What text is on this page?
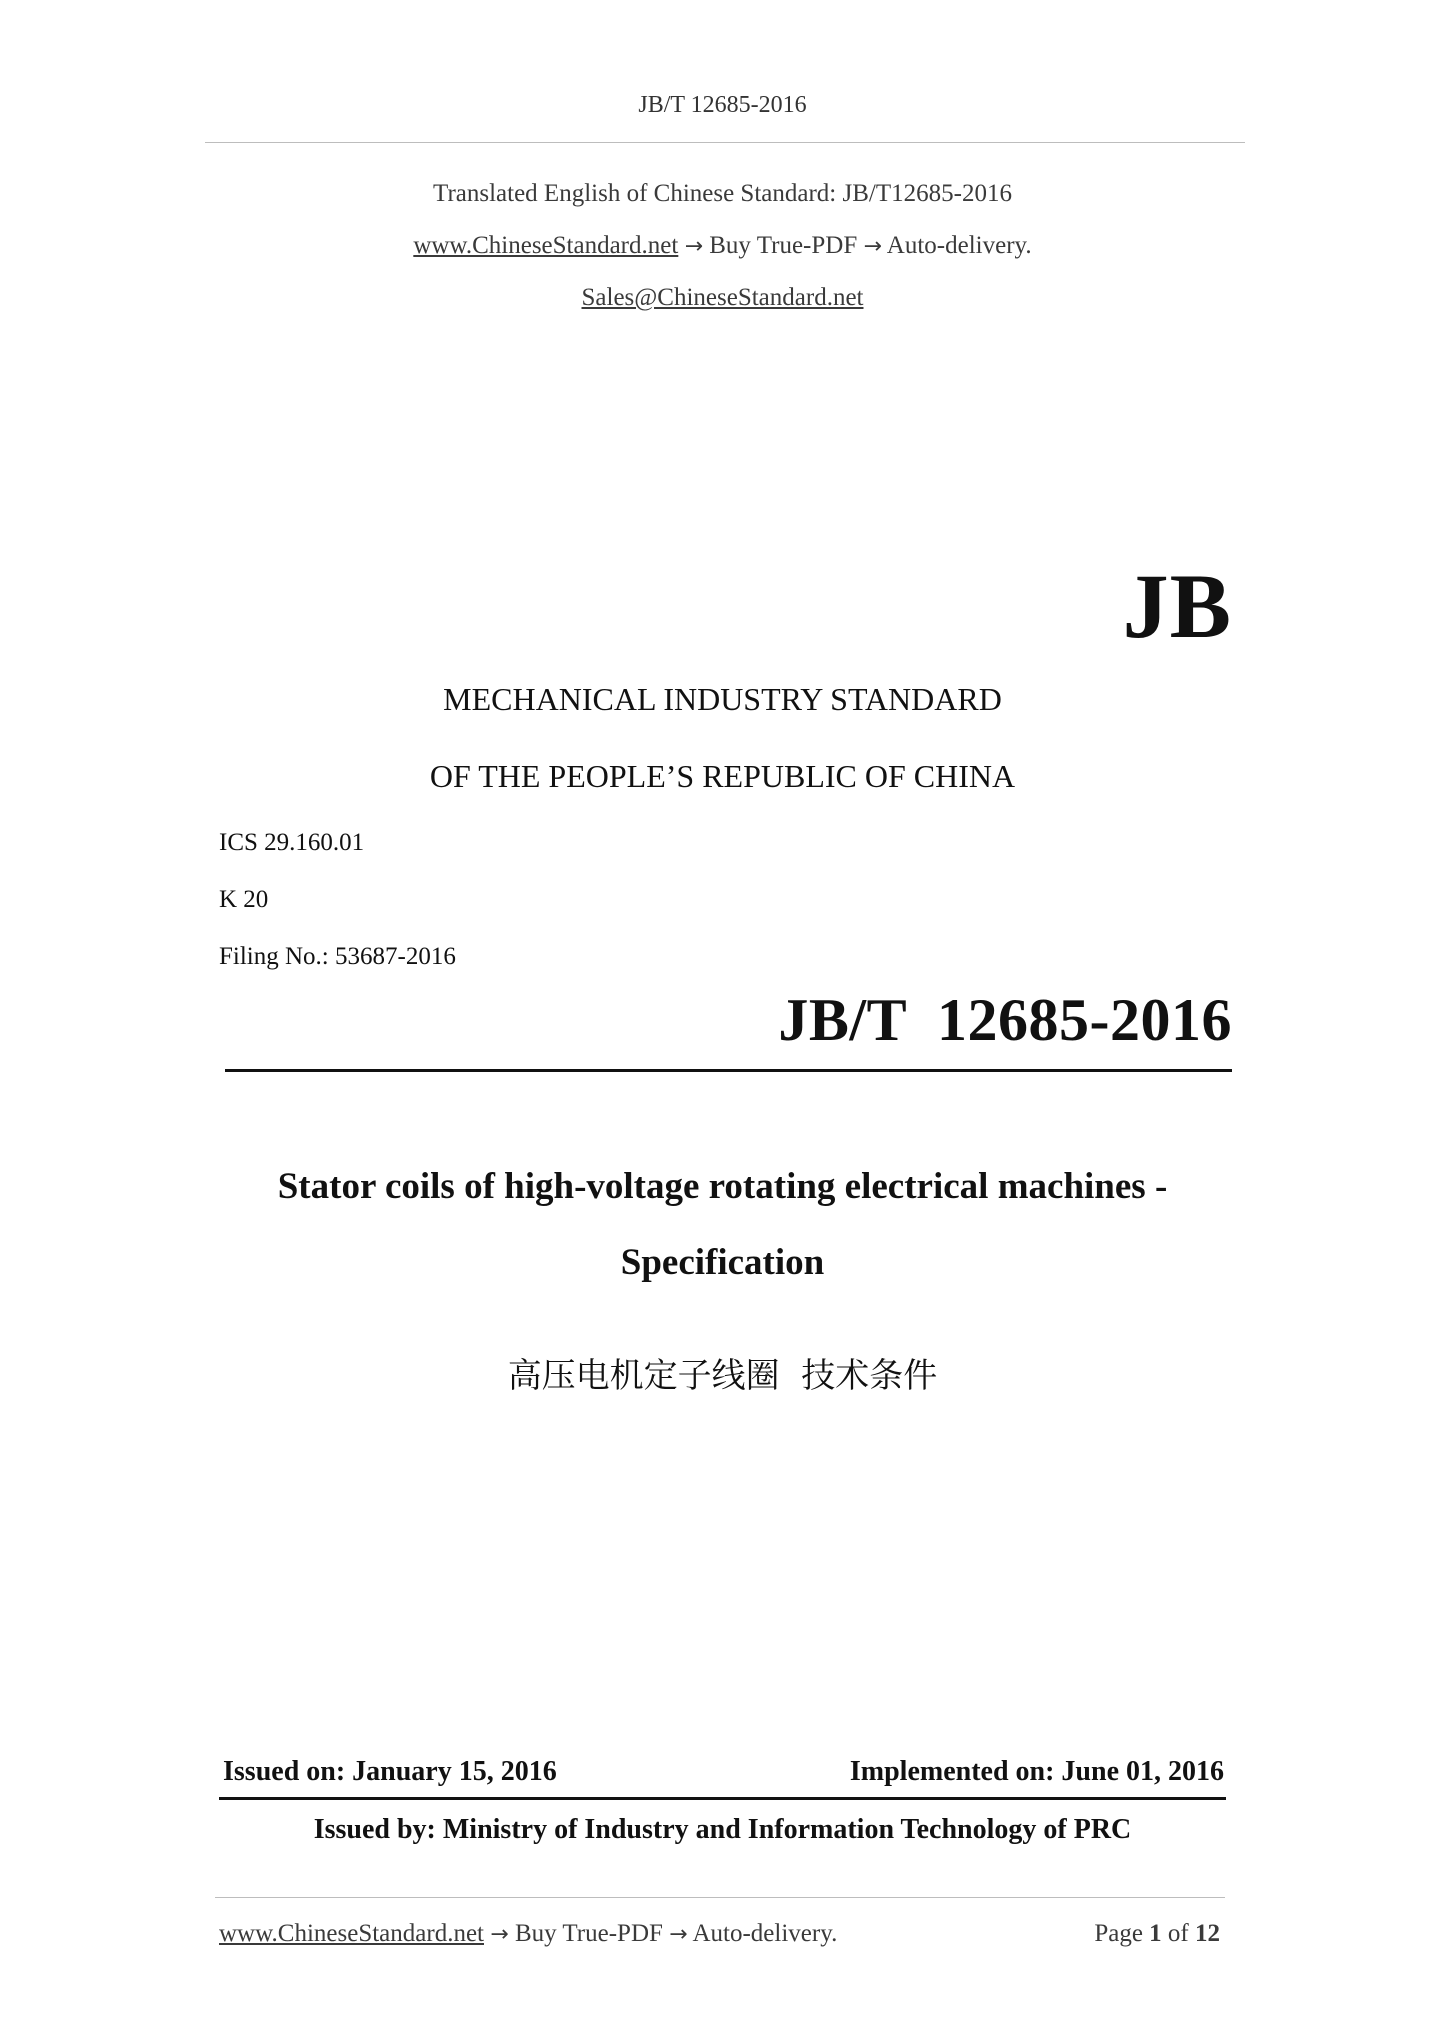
JB/T 12685-2016
Translated English of Chinese Standard: JB/T12685-2016
www.ChineseStandard.net → Buy True-PDF → Auto-delivery.
Sales@ChineseStandard.net
JB
MECHANICAL INDUSTRY STANDARD
OF THE PEOPLE’S REPUBLIC OF CHINA
ICS 29.160.01
K 20
Filing No.: 53687-2016
JB/T  12685-2016
Stator coils of high-voltage rotating electrical machines -
Specification
高压电机定子线圈  技术条件
Issued on: January 15, 2016	Implemented on: June 01, 2016
Issued by: Ministry of Industry and Information Technology of PRC
www.ChineseStandard.net → Buy True-PDF → Auto-delivery.	Page 1 of 12
